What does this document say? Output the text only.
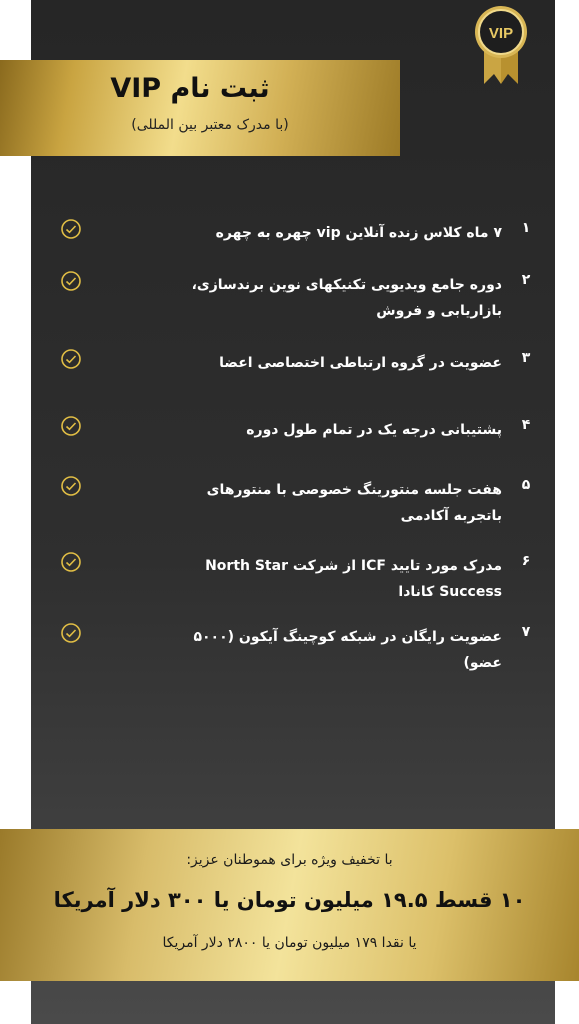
VIP
ثبت نام VIP
(با مدرک معتبر بین المللی)
۱
۷ ماه کلاس زنده آنلاین vip چهره به چهره
۲
دوره جامع ویدیویی تکنیکهای نوین برندسازی، بازاریابی و فروش
۳
عضویت در گروه ارتباطی اختصاصی اعضا
۴
پشتیبانی درجه یک در تمام طول دوره
۵
هفت جلسه منتورینگ خصوصی با منتورهای باتجربه آکادمی
۶
مدرک مورد تایید ICF از شرکت North Star Success کانادا
۷
عضویت رایگان در شبکه کوچینگ آیکون (۵۰۰۰ عضو)
با تخفیف ویژه برای هموطنان عزیز:
۱۰ قسط ۱۹.۵ میلیون تومان یا ۳۰۰ دلار آمریکا
یا نقدا ۱۷۹ میلیون تومان یا ۲۸۰۰ دلار آمریکا
